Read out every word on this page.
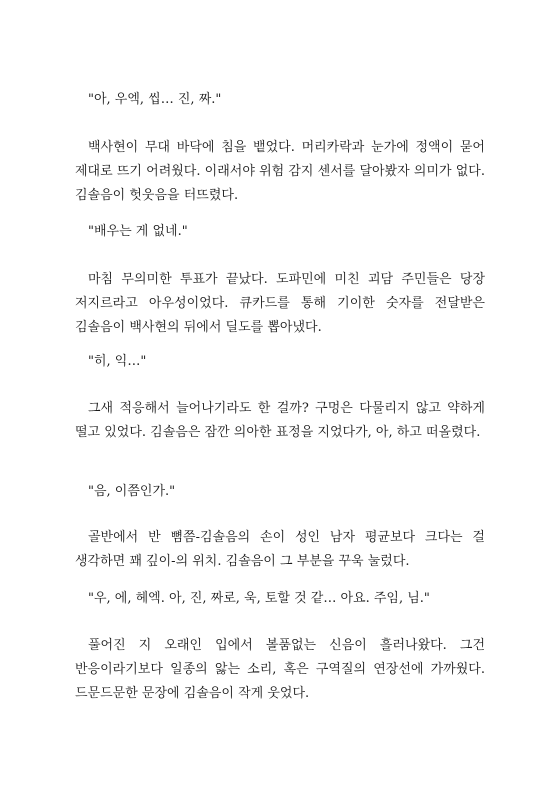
"아, 우엑, 씹… 진, 짜."

백사현이 무대 바닥에 침을 뱉었다. 머리카락과 눈가에 정액이 묻어 제대로 뜨기 어려웠다. 이래서야 위험 감지 센서를 달아봤자 의미가 없다. 김솔음이 헛웃음을 터뜨렸다.

"배우는 게 없네."

마침 무의미한 투표가 끝났다. 도파민에 미친 괴담 주민들은 당장 저지르라고 아우성이었다. 큐카드를 통해 기이한 숫자를 전달받은 김솔음이 백사현의 뒤에서 딜도를 뽑아냈다.

"히, 익…"

그새 적응해서 늘어나기라도 한 걸까? 구멍은 다물리지 않고 약하게 떨고 있었다. 김솔음은 잠깐 의아한 표정을 지었다가, 아, 하고 떠올렸다.

"음, 이쯤인가."

골반에서 반 뼘쯤-김솔음의 손이 성인 남자 평균보다 크다는 걸 생각하면 꽤 깊이-의 위치. 김솔음이 그 부분을 꾸욱 눌렀다.

"우, 에, 헤엑. 아, 진, 짜로, 욱, 토할 것 같… 아요. 주임, 님."

풀어진 지 오래인 입에서 볼품없는 신음이 흘러나왔다. 그건 반응이라기보다 일종의 앓는 소리, 혹은 구역질의 연장선에 가까웠다. 드문드문한 문장에 김솔음이 작게 웃었다.
